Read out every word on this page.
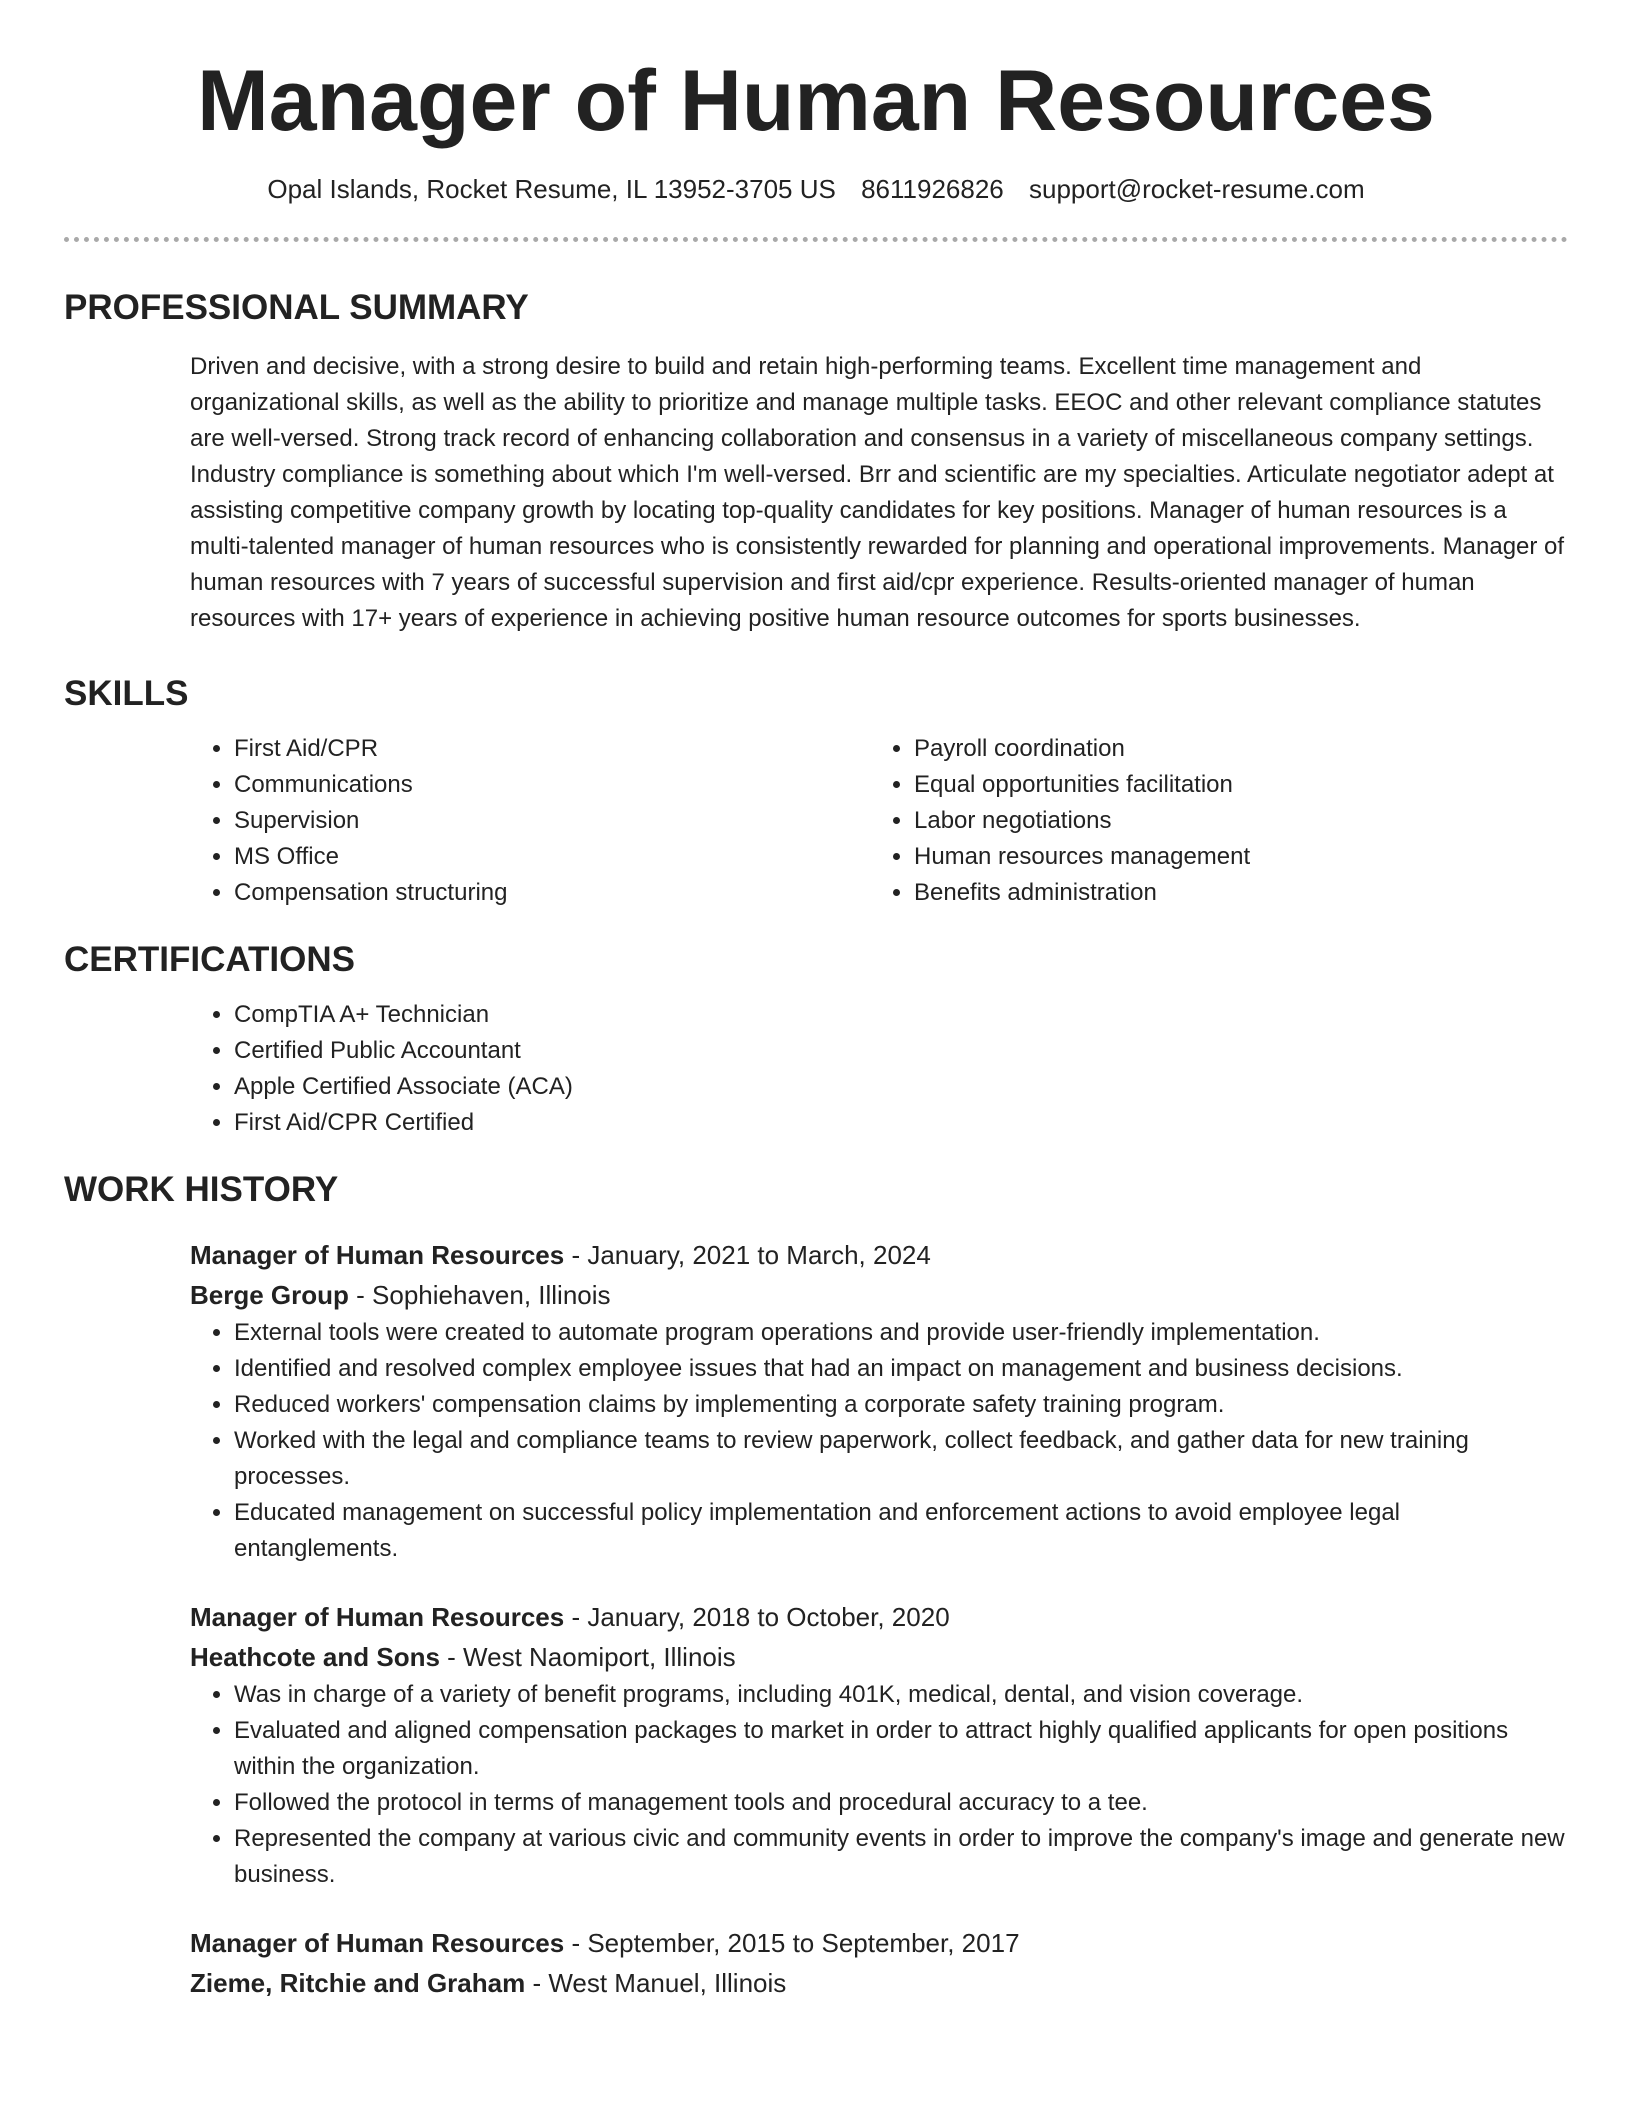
Manager of Human Resources
Opal Islands, Rocket Resume, IL 13952-3705 US 8611926826 support@rocket-resume.com
PROFESSIONAL SUMMARY
Driven and decisive, with a strong desire to build and retain high-performing teams. Excellent time management and organizational skills, as well as the ability to prioritize and manage multiple tasks. EEOC and other relevant compliance statutes are well-versed. Strong track record of enhancing collaboration and consensus in a variety of miscellaneous company settings. Industry compliance is something about which I'm well-versed. Brr and scientific are my specialties. Articulate negotiator adept at assisting competitive company growth by locating top-quality candidates for key positions. Manager of human resources is a multi-talented manager of human resources who is consistently rewarded for planning and operational improvements. Manager of human resources with 7 years of successful supervision and first aid/cpr experience. Results-oriented manager of human resources with 17+ years of experience in achieving positive human resource outcomes for sports businesses.
SKILLS
• First Aid/CPR
• Communications
• Supervision
• MS Office
• Compensation structuring
• Payroll coordination
• Equal opportunities facilitation
• Labor negotiations
• Human resources management
• Benefits administration
CERTIFICATIONS
• CompTIA A+ Technician
• Certified Public Accountant
• Apple Certified Associate (ACA)
• First Aid/CPR Certified
WORK HISTORY
Manager of Human Resources - January, 2021 to March, 2024
Berge Group - Sophiehaven, Illinois
• External tools were created to automate program operations and provide user-friendly implementation.
• Identified and resolved complex employee issues that had an impact on management and business decisions.
• Reduced workers' compensation claims by implementing a corporate safety training program.
• Worked with the legal and compliance teams to review paperwork, collect feedback, and gather data for new training processes.
• Educated management on successful policy implementation and enforcement actions to avoid employee legal entanglements.
Manager of Human Resources - January, 2018 to October, 2020
Heathcote and Sons - West Naomiport, Illinois
• Was in charge of a variety of benefit programs, including 401K, medical, dental, and vision coverage.
• Evaluated and aligned compensation packages to market in order to attract highly qualified applicants for open positions within the organization.
• Followed the protocol in terms of management tools and procedural accuracy to a tee.
• Represented the company at various civic and community events in order to improve the company's image and generate new business.
Manager of Human Resources - September, 2015 to September, 2017
Zieme, Ritchie and Graham - West Manuel, Illinois
